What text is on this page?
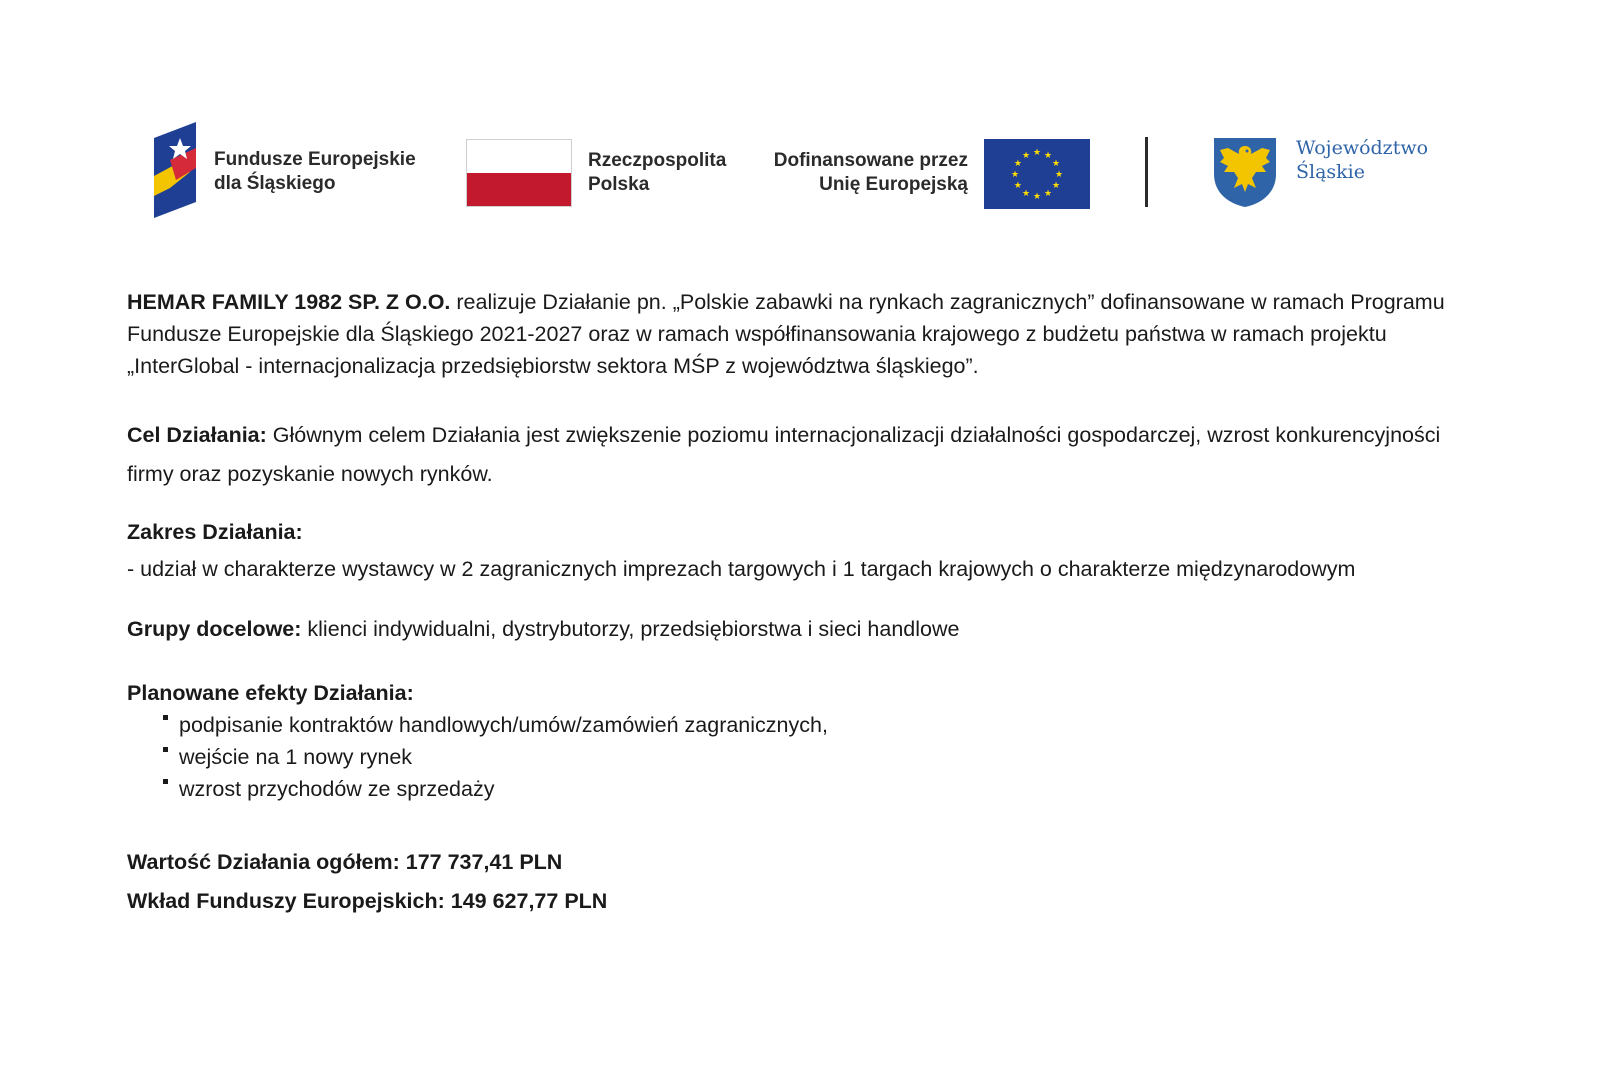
Fundusze Europejskie
dla Śląskiego
Rzeczpospolita
Polska
Dofinansowane przez
Unię Europejską
★ ★
★
★
★
★
★
★
★
★
★
★	Województwo
Śląskie

HEMAR FAMILY 1982 SP. Z O.O. realizuje Działanie pn. „Polskie zabawki na rynkach zagranicznych” dofinansowane w ramach Programu Fundusze Europejskie dla Śląskiego 2021-2027 oraz w ramach współfinansowania krajowego z budżetu państwa w ramach projektu „InterGlobal - internacjonalizacja przedsiębiorstw sektora MŚP z województwa śląskiego”.

Cel Działania: Głównym celem Działania jest zwiększenie poziomu internacjonalizacji działalności gospodarczej, wzrost konkurencyjności firmy oraz pozyskanie nowych rynków.

Zakres Działania:

- udział w charakterze wystawcy w 2 zagranicznych imprezach targowych i 1 targach krajowych o charakterze międzynarodowym

Grupy docelowe: klienci indywidualni, dystrybutorzy, przedsiębiorstwa i sieci handlowe

Planowane efekty Działania:

podpisanie kontraktów handlowych/umów/zamówień zagranicznych,
wejście na 1 nowy rynek
wzrost przychodów ze sprzedaży

Wartość Działania ogółem: 177 737,41 PLN

Wkład Funduszy Europejskich: 149 627,77 PLN
